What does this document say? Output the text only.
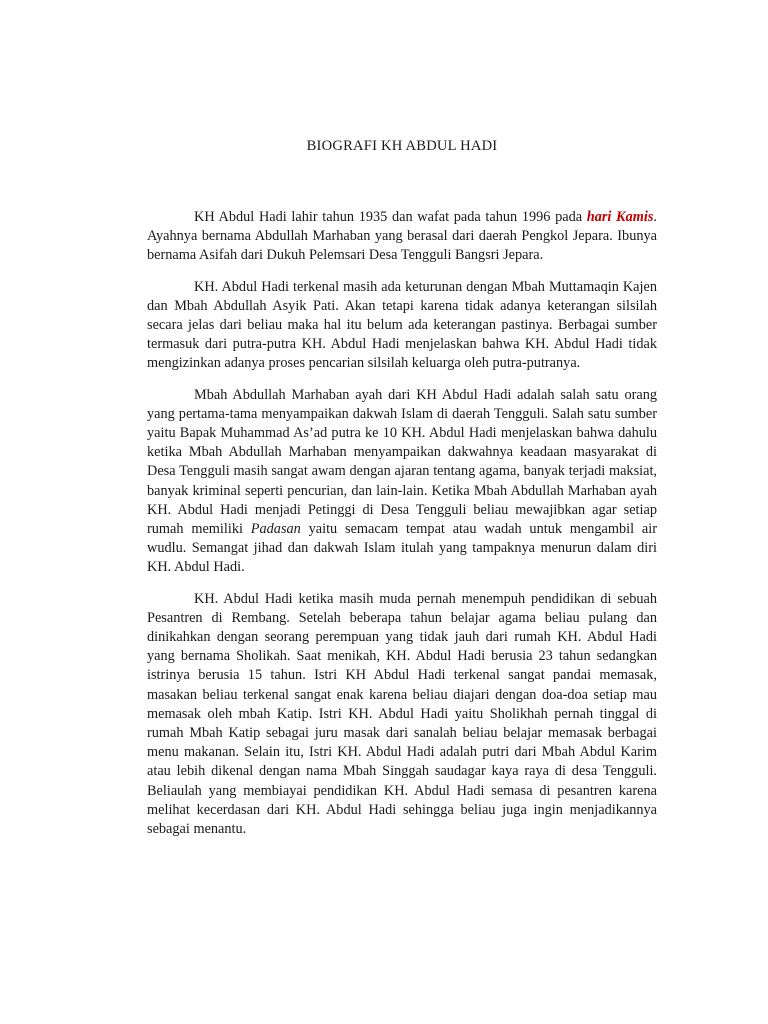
BIOGRAFI KH ABDUL HADI

KH Abdul Hadi lahir tahun 1935 dan wafat pada tahun 1996 pada hari Kamis. Ayahnya bernama Abdullah Marhaban yang berasal dari daerah Pengkol Jepara. Ibunya bernama Asifah dari Dukuh Pelemsari Desa Tengguli Bangsri Jepara.

KH. Abdul Hadi terkenal masih ada keturunan dengan Mbah Muttamaqin Kajen dan Mbah Abdullah Asyik Pati. Akan tetapi karena tidak adanya keterangan silsilah secara jelas dari beliau maka hal itu belum ada keterangan pastinya. Berbagai sumber termasuk dari putra-putra KH. Abdul Hadi menjelaskan bahwa KH. Abdul Hadi tidak mengizinkan adanya proses pencarian silsilah keluarga oleh putra-putranya.

Mbah Abdullah Marhaban ayah dari KH Abdul Hadi adalah salah satu orang yang pertama-tama menyampaikan dakwah Islam di daerah Tengguli. Salah satu sumber yaitu Bapak Muhammad As’ad putra ke 10 KH. Abdul Hadi menjelaskan bahwa dahulu ketika Mbah Abdullah Marhaban menyampaikan dakwahnya keadaan masyarakat di Desa Tengguli masih sangat awam dengan ajaran tentang agama, banyak terjadi maksiat, banyak kriminal seperti pencurian, dan lain-lain. Ketika Mbah Abdullah Marhaban ayah KH. Abdul Hadi menjadi Petinggi di Desa Tengguli beliau mewajibkan agar setiap rumah memiliki Padasan yaitu semacam tempat atau wadah untuk mengambil air wudlu. Semangat jihad dan dakwah Islam itulah yang tampaknya menurun dalam diri KH. Abdul Hadi.

KH. Abdul Hadi ketika masih muda pernah menempuh pendidikan di sebuah Pesantren di Rembang. Setelah beberapa tahun belajar agama beliau pulang dan dinikahkan dengan seorang perempuan yang tidak jauh dari rumah KH. Abdul Hadi yang bernama Sholikah. Saat menikah, KH. Abdul Hadi berusia 23 tahun sedangkan istrinya berusia 15 tahun. Istri KH Abdul Hadi terkenal sangat pandai memasak, masakan beliau terkenal sangat enak karena beliau diajari dengan doa-doa setiap mau memasak oleh mbah Katip. Istri KH. Abdul Hadi yaitu Sholikhah pernah tinggal di rumah Mbah Katip sebagai juru masak dari sanalah beliau belajar memasak berbagai menu makanan. Selain itu, Istri KH. Abdul Hadi adalah putri dari Mbah Abdul Karim atau lebih dikenal dengan nama Mbah Singgah saudagar kaya raya di desa Tengguli. Beliaulah yang membiayai pendidikan KH. Abdul Hadi semasa di pesantren karena melihat kecerdasan dari KH. Abdul Hadi sehingga beliau juga ingin menjadikannya sebagai menantu.
